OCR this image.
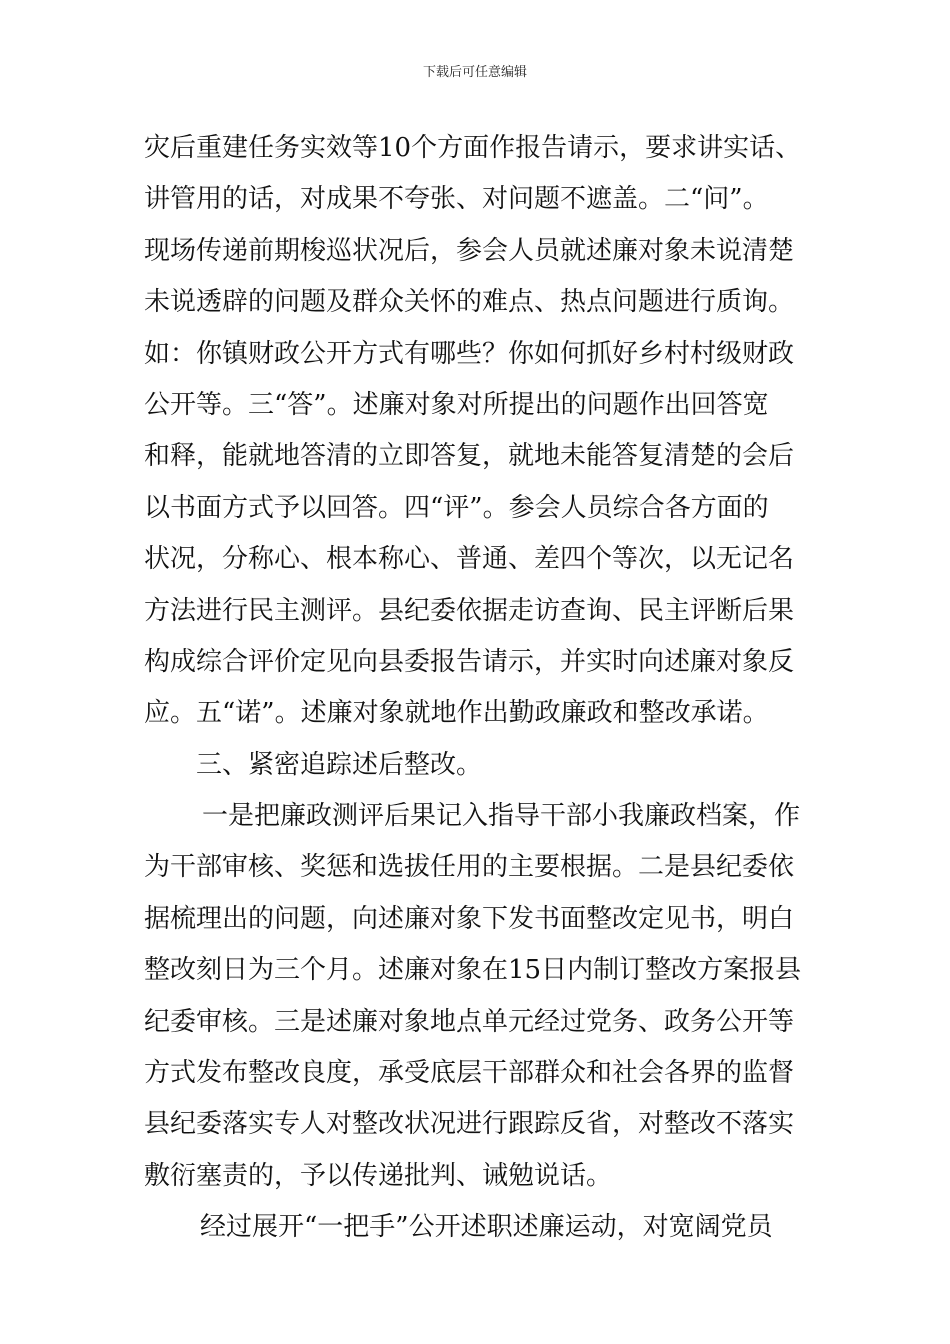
下载后可任意编辑
灾后重建任务实效等10个方面作报告请示，要求讲实话、
讲管用的话，对成果不夸张、对问题不遮盖。二“问”。
现场传递前期梭巡状况后，参会人员就述廉对象未说清楚
未说透辟的问题及群众关怀的难点、热点问题进行质询。
如：你镇财政公开方式有哪些？你如何抓好乡村村级财政
公开等。三“答”。述廉对象对所提出的问题作出回答宽
和释，能就地答清的立即答复，就地未能答复清楚的会后
以书面方式予以回答。四“评”。参会人员综合各方面的
状况，分称心、根本称心、普通、差四个等次，以无记名
方法进行民主测评。县纪委依据走访查询、民主评断后果
构成综合评价定见向县委报告请示，并实时向述廉对象反
应。五“诺”。述廉对象就地作出勤政廉政和整改承诺。
三、紧密追踪述后整改。
一是把廉政测评后果记入指导干部小我廉政档案，作
为干部审核、奖惩和选拔任用的主要根据。二是县纪委依
据梳理出的问题，向述廉对象下发书面整改定见书，明白
整改刻日为三个月。述廉对象在15日内制订整改方案报县
纪委审核。三是述廉对象地点单元经过党务、政务公开等
方式发布整改良度，承受底层干部群众和社会各界的监督
县纪委落实专人对整改状况进行跟踪反省，对整改不落实
敷衍塞责的，予以传递批判、诫勉说话。
经过展开“一把手”公开述职述廉运动，对宽阔党员
